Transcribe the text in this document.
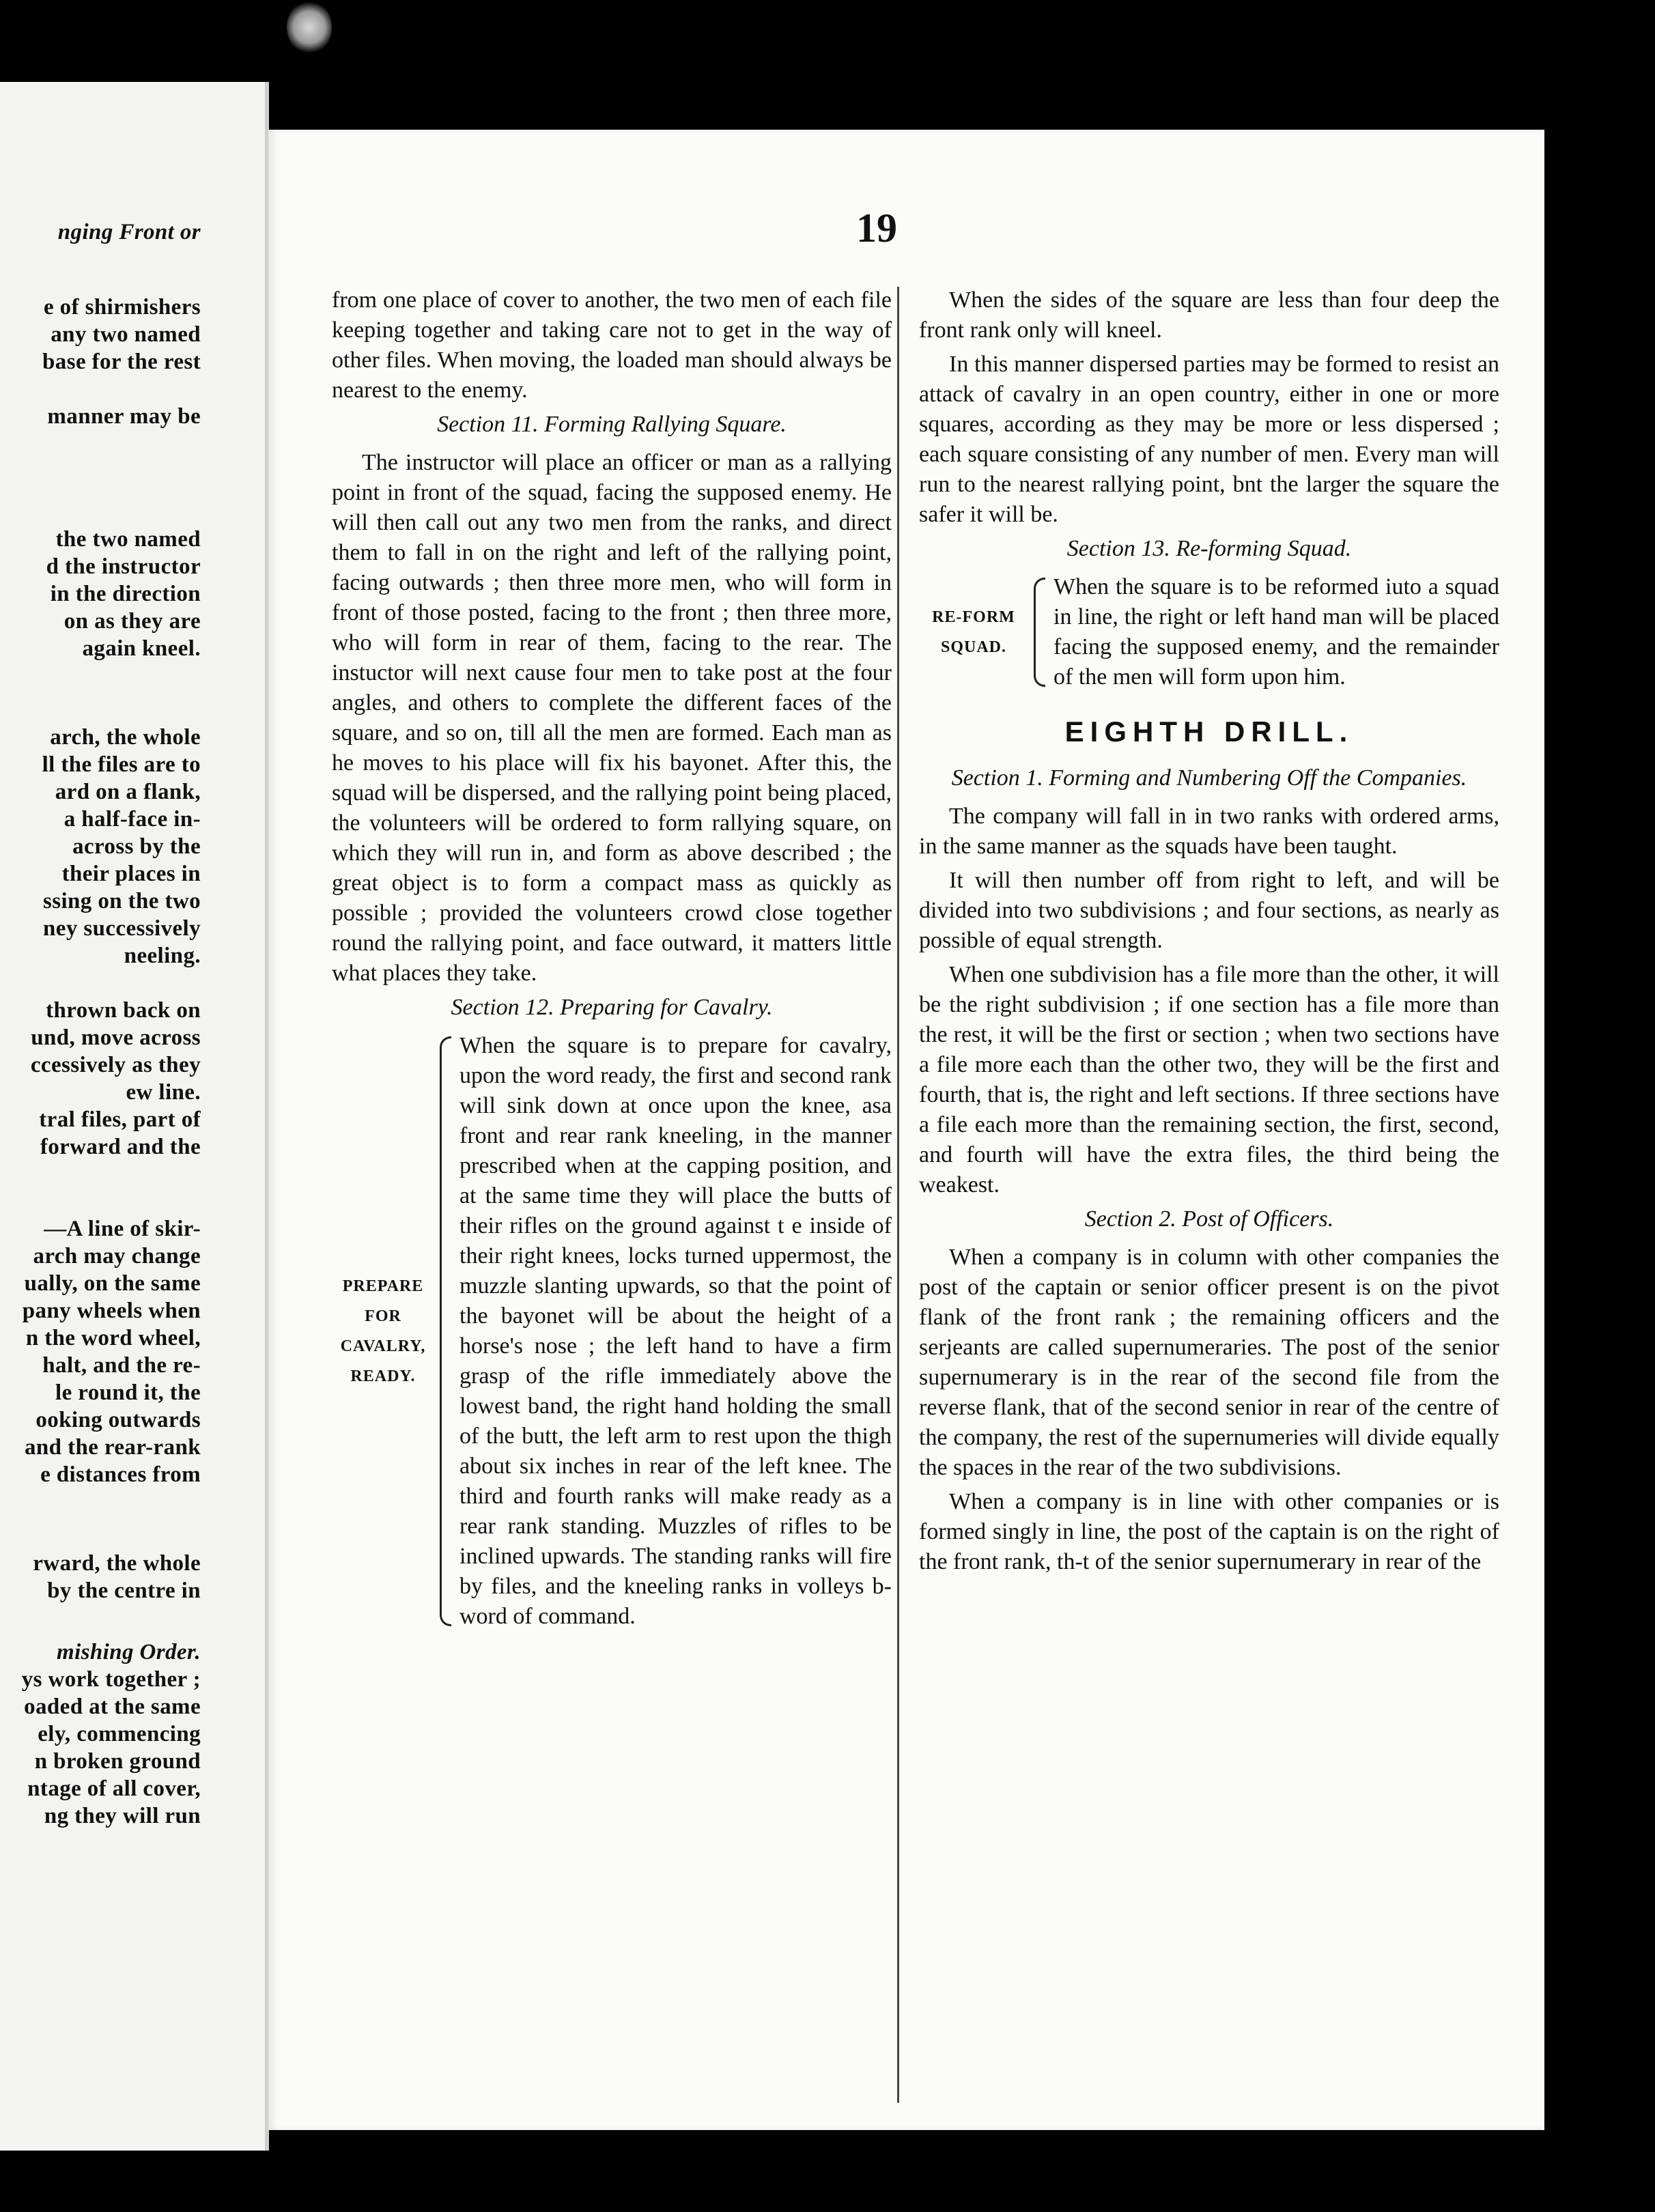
nging Front or
e of shirmishers
any two named
base for the rest
manner may be
the two named
d the instructor
in the direction
on as they are
again kneel.
arch, the whole
ll the files are to
ard on a flank,
a half-face in-
across by the
their places in
ssing on the two
ney successively
neeling.
thrown back on
und, move across
ccessively as they
ew line.
tral files, part of
forward and the
—A line of skir-
arch may change
ually, on the same
pany wheels when
n the word wheel,
halt, and the re-
le round it, the
ooking outwards
and the rear-rank
e distances from
rward, the whole
by the centre in
mishing Order.
ys work together ;
oaded at the same
ely, commencing
n broken ground
ntage of all cover,
ng they will run
19

from one place of cover to another, the two men of each file keeping together and taking care not to get in the way of other files. When moving, the loaded man should always be nearest to the enemy.

Section 11. Forming Rallying Square.

The instructor will place an officer or man as a rallying point in front of the squad, facing the supposed enemy. He will then call out any two men from the ranks, and direct them to fall in on the right and left of the rallying point, facing outwards ; then three more men, who will form in front of those posted, facing to the front ; then three more, who will form in rear of them, facing to the rear. The instuctor will next cause four men to take post at the four angles, and others to complete the different faces of the square, and so on, till all the men are formed. Each man as he moves to his place will fix his bayonet. After this, the squad will be dispersed, and the rallying point being placed, the volunteers will be ordered to form rallying square, on which they will run in, and form as above described ; the great object is to form a compact mass as quickly as possible ; provided the volunteers crowd close together round the rallying point, and face outward, it matters little what places they take.

Section 12. Preparing for Cavalry.
PREPARE
FOR
CAVALRY,
READY.
When the square is to prepare for cavalry, upon the word ready, the first and second rank will sink down at once upon the knee, asa front and rear rank kneeling, in the manner prescribed when at the capping position, and at the same time they will place the butts of their rifles on the ground against t e inside of their right knees, locks turned uppermost, the muzzle slanting upwards, so that the point of the bayonet will be about the height of a horse's nose ; the left hand to have a firm grasp of the rifle immediately above the lowest band, the right hand holding the small of the butt, the left arm to rest upon the thigh about six inches in rear of the left knee. The third and fourth ranks will make ready as a rear rank standing. Muzzles of rifles to be inclined upwards. The standing ranks will fire by files, and the kneeling ranks in volleys b- word of command.

When the sides of the square are less than four deep the front rank only will kneel.

In this manner dispersed parties may be formed to resist an attack of cavalry in an open country, either in one or more squares, according as they may be more or less dispersed ; each square consisting of any number of men. Every man will run to the nearest rallying point, bnt the larger the square the safer it will be.

Section 13. Re-forming Squad.
RE-FORM
SQUAD.
When the square is to be reformed iuto a squad in line, the right or left hand man will be placed facing the supposed enemy, and the remainder of the men will form upon him.
EIGHTH DRILL.
Section 1. Forming and Numbering Off the Companies.

The company will fall in in two ranks with ordered arms, in the same manner as the squads have been taught.

It will then number off from right to left, and will be divided into two subdivisions ; and four sections, as nearly as possible of equal strength.

When one subdivision has a file more than the other, it will be the right subdivision ; if one section has a file more than the rest, it will be the first or section ; when two sections have a file more each than the other two, they will be the first and fourth, that is, the right and left sections. If three sections have a file each more than the remaining section, the first, second, and fourth will have the extra files, the third being the weakest.

Section 2. Post of Officers.

When a company is in column with other companies the post of the captain or senior officer present is on the pivot flank of the front rank ; the remaining officers and the serjeants are called supernumeraries. The post of the senior supernumerary is in the rear of the second file from the reverse flank, that of the second senior in rear of the centre of the company, the rest of the supernumeries will divide equally the spaces in the rear of the two subdivisions.

When a company is in line with other companies or is formed singly in line, the post of the captain is on the right of the front rank, th-t of the senior supernumerary in rear of the
